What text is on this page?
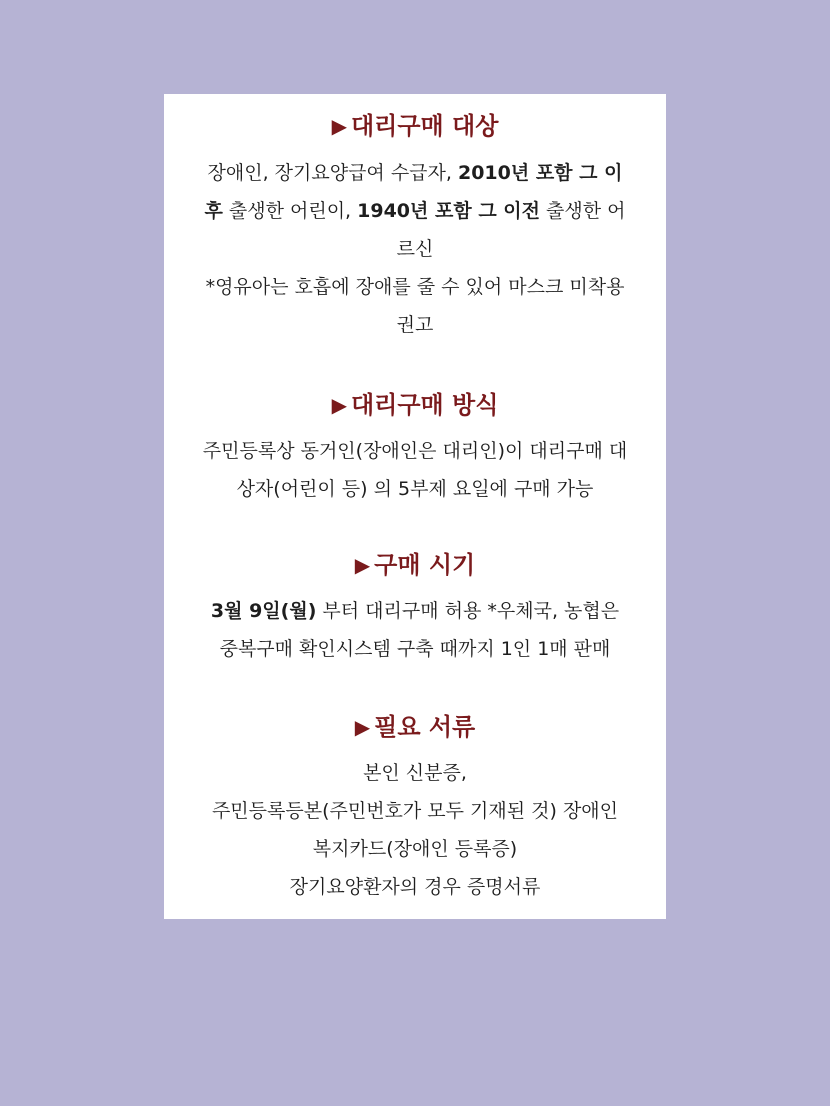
▶ 대리구매 대상

장애인, 장기요양급여 수급자, 2010년 포함 그 이
후 출생한 어린이, 1940년 포함 그 이전 출생한 어
르신
*영유아는 호흡에 장애를 줄 수 있어 마스크 미착용
권고

▶ 대리구매 방식

주민등록상 동거인(장애인은 대리인)이 대리구매 대
상자(어린이 등) 의 5부제 요일에 구매 가능

▶ 구매 시기

3월 9일(월) 부터 대리구매 허용 *우체국, 농협은
중복구매 확인시스템 구축 때까지 1인 1매 판매

▶ 필요 서류

본인 신분증,
주민등록등본(주민번호가 모두 기재된 것) 장애인
복지카드(장애인 등록증)
장기요양환자의 경우 증명서류
